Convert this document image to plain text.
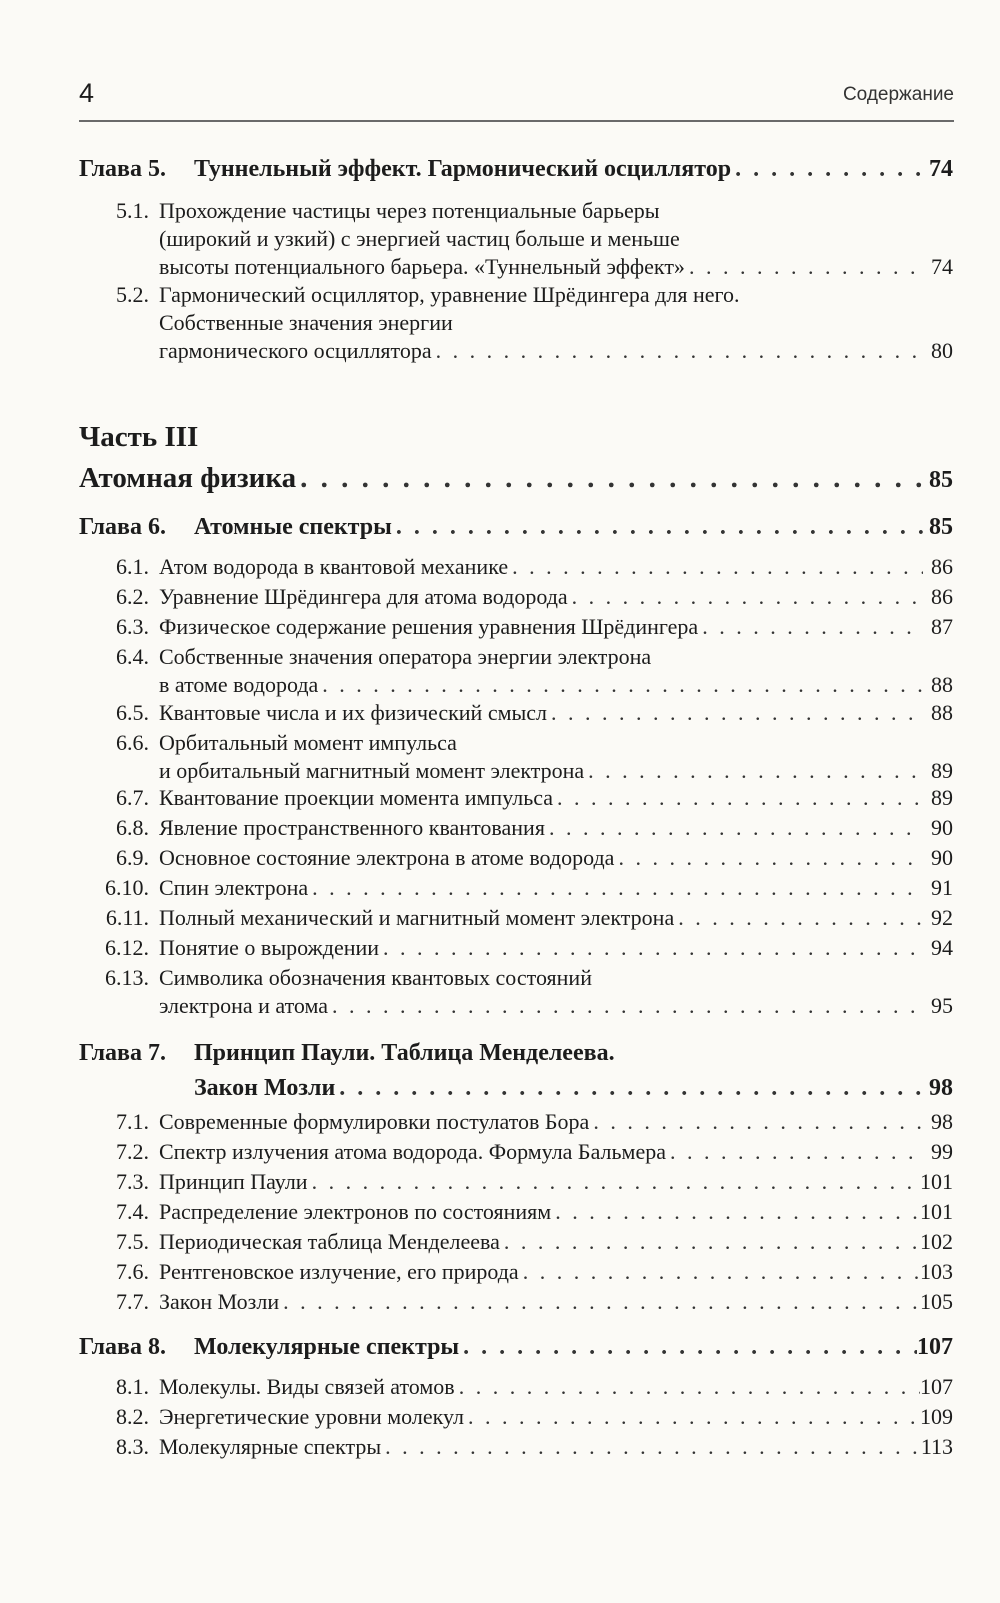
4	Содержание
Глава 5. Туннельный эффект. Гармонический осциллятор . . .	74
5.1. Прохождение частицы через потенциальные барьеры
(широкий и узкий) с энергией частиц больше и меньше
высоты потенциального барьера. «Туннельный эффект» . . .	74
5.2. Гармонический осциллятор, уравнение Шрёдингера для него.
Собственные значения энергии
гармонического осциллятора . . .	80
Часть III
Атомная физика . . .	85
Глава 6. Атомные спектры . . .	85
6.1. Атом водорода в квантовой механике . . .	86
6.2. Уравнение Шрёдингера для атома водорода . . .	86
6.3. Физическое содержание решения уравнения Шрёдингера . . .	87
6.4. Собственные значения оператора энергии электрона
в атоме водорода . . .	88
6.5. Квантовые числа и их физический смысл . . .	88
6.6. Орбитальный момент импульса
и орбитальный магнитный момент электрона . . .	89
6.7. Квантование проекции момента импульса . . .	89
6.8. Явление пространственного квантования . . .	90
6.9. Основное состояние электрона в атоме водорода . . .	90
6.10. Спин электрона . . .	91
6.11. Полный механический и магнитный момент электрона . . .	92
6.12. Понятие о вырождении . . .	94
6.13. Символика обозначения квантовых состояний
электрона и атома . . .	95
Глава 7. Принцип Паули. Таблица Менделеева.
Закон Мозли . . .	98
7.1. Современные формулировки постулатов Бора . . .	98
7.2. Спектр излучения атома водорода. Формула Бальмера . . .	99
7.3. Принцип Паули . . .	101
7.4. Распределение электронов по состояниям . . .	101
7.5. Периодическая таблица Менделеева . . .	102
7.6. Рентгеновское излучение, его природа . . .	103
7.7. Закон Мозли . . .	105
Глава 8. Молекулярные спектры . . .	107
8.1. Молекулы. Виды связей атомов . . .	107
8.2. Энергетические уровни молекул . . .	109
8.3. Молекулярные спектры . . .	113
